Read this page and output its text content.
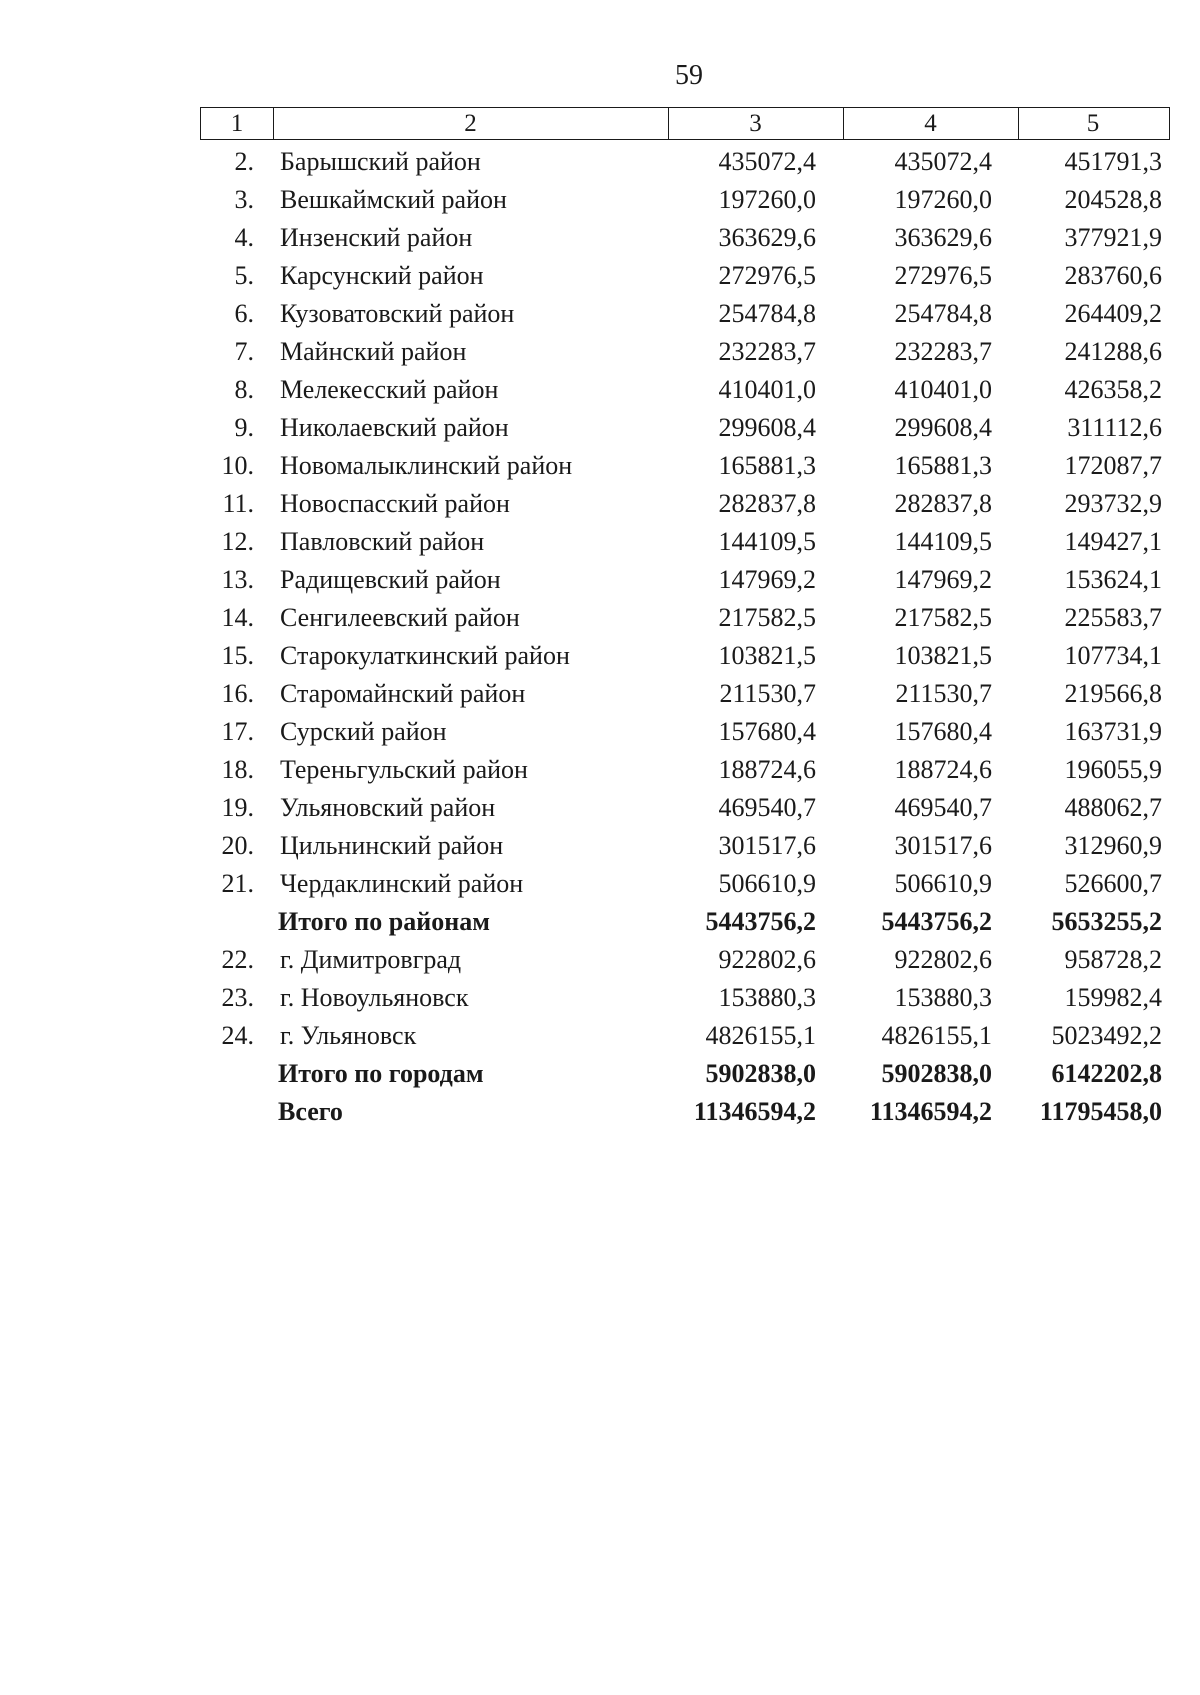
59
1	2	3	4	5
2. Барышский район	435072,4	435072,4	451791,3
3. Вешкаймский район	197260,0	197260,0	204528,8
4. Инзенский район	363629,6	363629,6	377921,9
5. Карсунский район	272976,5	272976,5	283760,6
6. Кузоватовский район	254784,8	254784,8	264409,2
7. Майнский район	232283,7	232283,7	241288,6
8. Мелекесский район	410401,0	410401,0	426358,2
9. Николаевский район	299608,4	299608,4	311112,6
10. Новомалыклинский район	165881,3	165881,3	172087,7
11. Новоспасский район	282837,8	282837,8	293732,9
12. Павловский район	144109,5	144109,5	149427,1
13. Радищевский район	147969,2	147969,2	153624,1
14. Сенгилеевский район	217582,5	217582,5	225583,7
15. Старокулаткинский район	103821,5	103821,5	107734,1
16. Старомайнский район	211530,7	211530,7	219566,8
17. Сурский район	157680,4	157680,4	163731,9
18. Тереньгульский район	188724,6	188724,6	196055,9
19. Ульяновский район	469540,7	469540,7	488062,7
20. Цильнинский район	301517,6	301517,6	312960,9
21. Чердаклинский район	506610,9	506610,9	526600,7
Итого по районам	5443756,2	5443756,2	5653255,2
22. г. Димитровград	922802,6	922802,6	958728,2
23. г. Новоульяновск	153880,3	153880,3	159982,4
24. г. Ульяновск	4826155,1	4826155,1	5023492,2
Итого по городам	5902838,0	5902838,0	6142202,8
Всего	11346594,2	11346594,2	11795458,0
